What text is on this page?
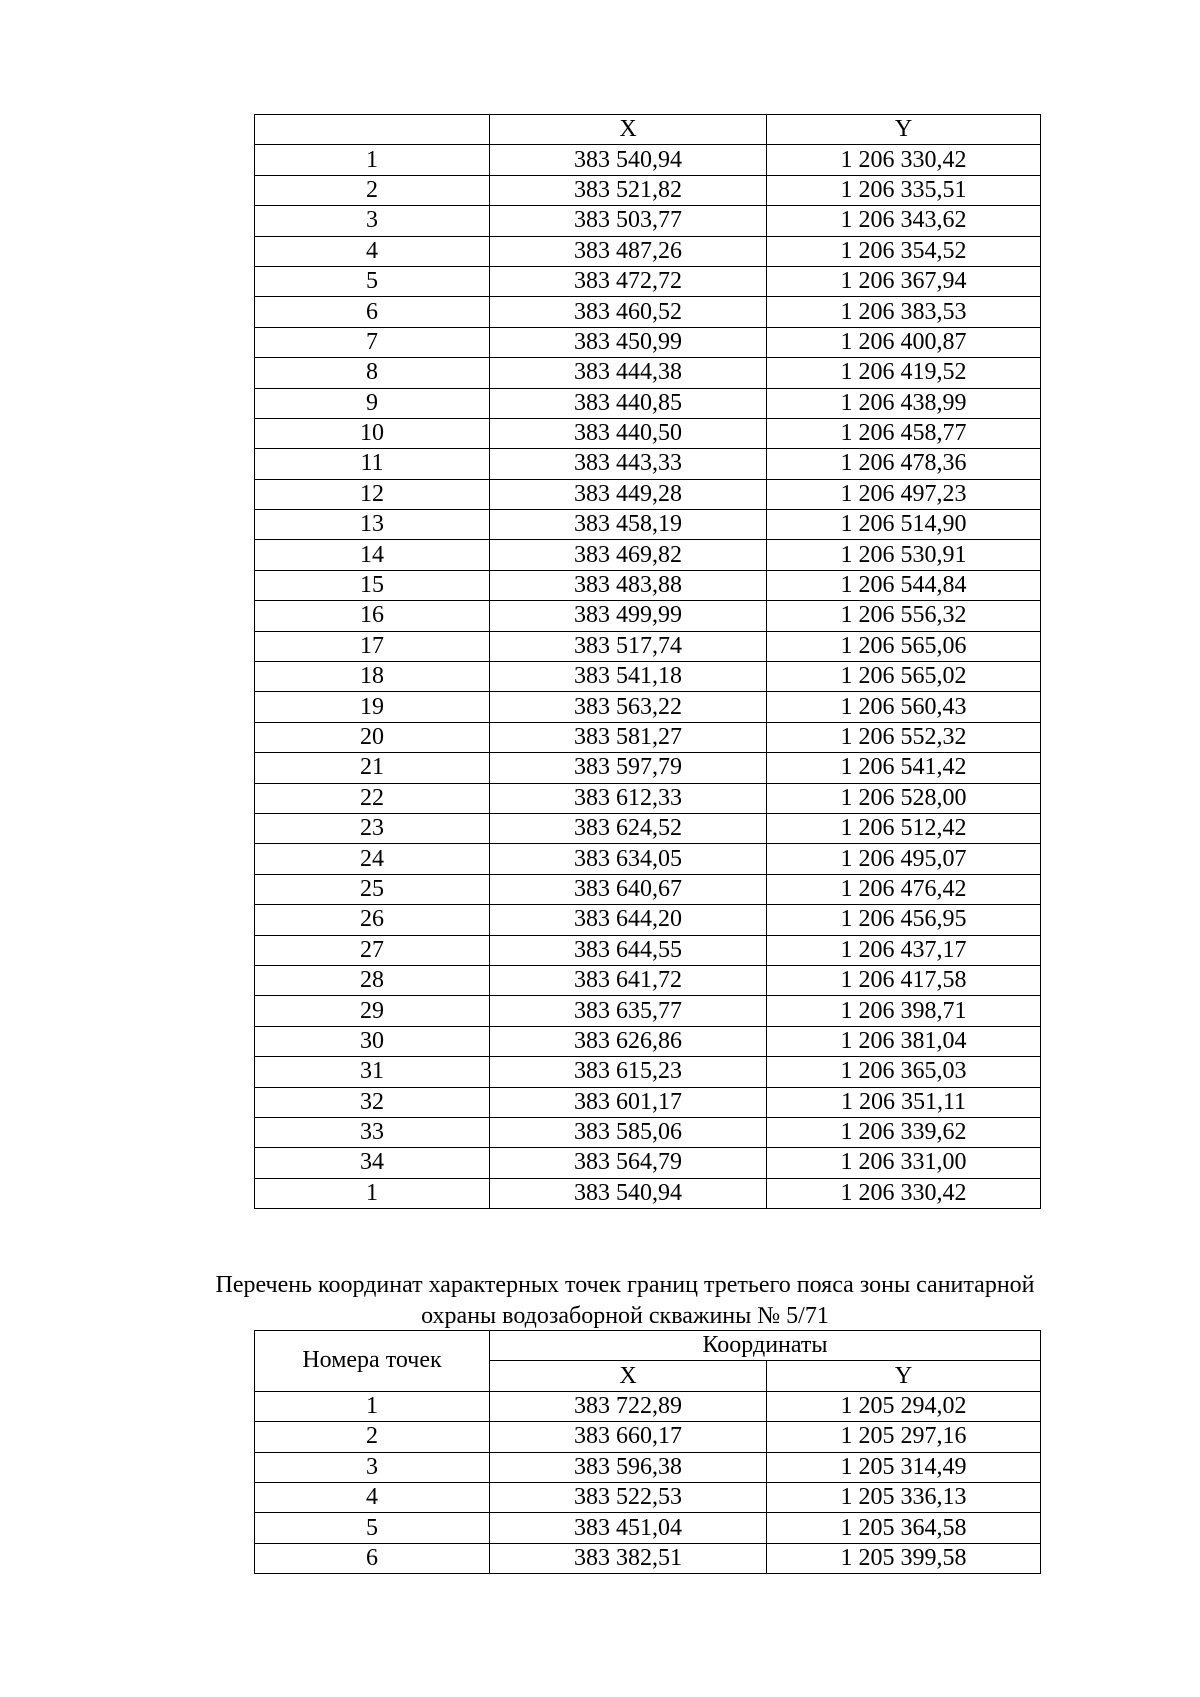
	X	Y
1	383 540,94	1 206 330,42
2	383 521,82	1 206 335,51
3	383 503,77	1 206 343,62
4	383 487,26	1 206 354,52
5	383 472,72	1 206 367,94
6	383 460,52	1 206 383,53
7	383 450,99	1 206 400,87
8	383 444,38	1 206 419,52
9	383 440,85	1 206 438,99
10	383 440,50	1 206 458,77
11	383 443,33	1 206 478,36
12	383 449,28	1 206 497,23
13	383 458,19	1 206 514,90
14	383 469,82	1 206 530,91
15	383 483,88	1 206 544,84
16	383 499,99	1 206 556,32
17	383 517,74	1 206 565,06
18	383 541,18	1 206 565,02
19	383 563,22	1 206 560,43
20	383 581,27	1 206 552,32
21	383 597,79	1 206 541,42
22	383 612,33	1 206 528,00
23	383 624,52	1 206 512,42
24	383 634,05	1 206 495,07
25	383 640,67	1 206 476,42
26	383 644,20	1 206 456,95
27	383 644,55	1 206 437,17
28	383 641,72	1 206 417,58
29	383 635,77	1 206 398,71
30	383 626,86	1 206 381,04
31	383 615,23	1 206 365,03
32	383 601,17	1 206 351,11
33	383 585,06	1 206 339,62
34	383 564,79	1 206 331,00
1	383 540,94	1 206 330,42
Перечень координат характерных точек границ третьего пояса зоны санитарной
охраны водозаборной скважины № 5/71
Номера точек	Координаты	
	X	Y
1	383 722,89	1 205 294,02
2	383 660,17	1 205 297,16
3	383 596,38	1 205 314,49
4	383 522,53	1 205 336,13
5	383 451,04	1 205 364,58
6	383 382,51	1 205 399,58
